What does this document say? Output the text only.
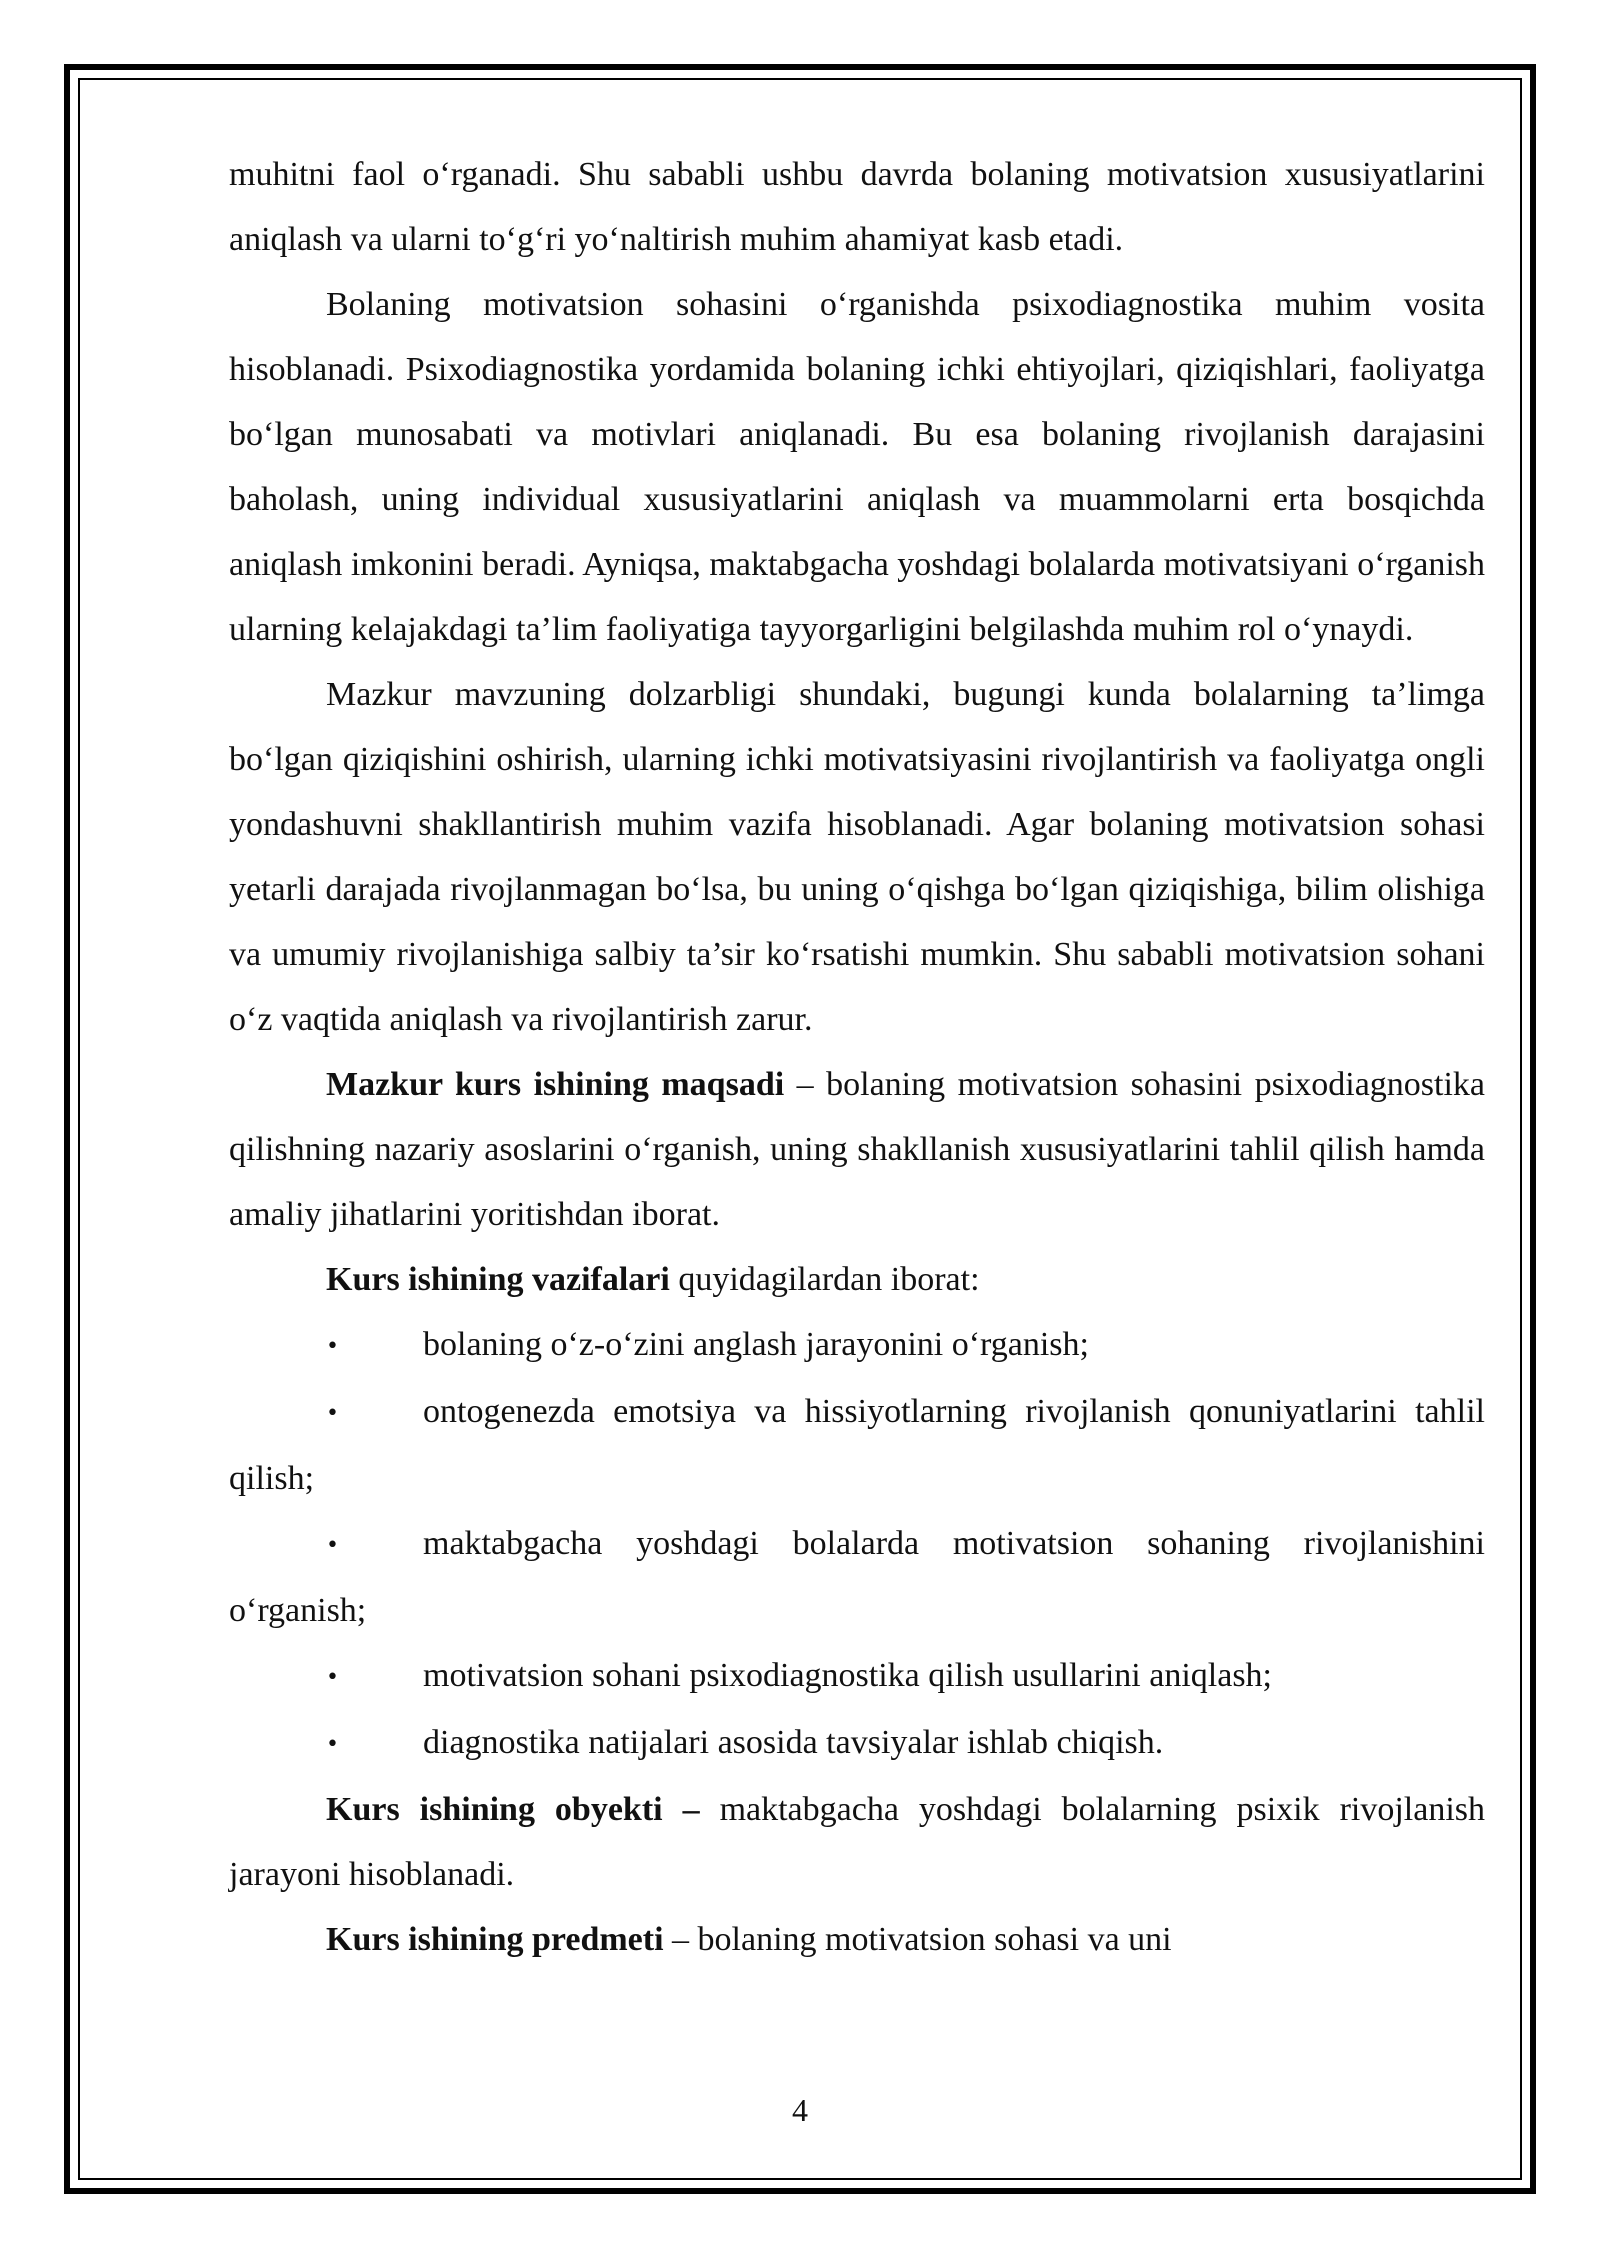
muhitni faol o‘rganadi. Shu sababli ushbu davrda bolaning motivatsion xususiyatlarini aniqlash va ularni to‘g‘ri yo‘naltirish muhim ahamiyat kasb etadi.

Bolaning motivatsion sohasini o‘rganishda psixodiagnostika muhim vosita hisoblanadi. Psixodiagnostika yordamida bolaning ichki ehtiyojlari, qiziqishlari, faoliyatga bo‘lgan munosabati va motivlari aniqlanadi. Bu esa bolaning rivojlanish darajasini baholash, uning individual xususiyatlarini aniqlash va muammolarni erta bosqichda aniqlash imkonini beradi. Ayniqsa, maktabgacha yoshdagi bolalarda motivatsiyani o‘rganish ularning kelajakdagi ta’lim faoliyatiga tayyorgarligini belgilashda muhim rol o‘ynaydi.

Mazkur mavzuning dolzarbligi shundaki, bugungi kunda bolalarning ta’limga bo‘lgan qiziqishini oshirish, ularning ichki motivatsiyasini rivojlantirish va faoliyatga ongli yondashuvni shakllantirish muhim vazifa hisoblanadi. Agar bolaning motivatsion sohasi yetarli darajada rivojlanmagan bo‘lsa, bu uning o‘qishga bo‘lgan qiziqishiga, bilim olishiga va umumiy rivojlanishiga salbiy ta’sir ko‘rsatishi mumkin. Shu sababli motivatsion sohani o‘z vaqtida aniqlash va rivojlantirish zarur.

Mazkur kurs ishining maqsadi – bolaning motivatsion sohasini psixodiagnostika qilishning nazariy asoslarini o‘rganish, uning shakllanish xususiyatlarini tahlil qilish hamda amaliy jihatlarini yoritishdan iborat.

Kurs ishining vazifalari quyidagilardan iborat:

• bolaning o‘z-o‘zini anglash jarayonini o‘rganish;

• ontogenezda emotsiya va hissiyotlarning rivojlanish qonuniyatlarini tahlil qilish;

• maktabgacha yoshdagi bolalarda motivatsion sohaning rivojlanishini o‘rganish;

• motivatsion sohani psixodiagnostika qilish usullarini aniqlash;

• diagnostika natijalari asosida tavsiyalar ishlab chiqish.

Kurs ishining obyekti – maktabgacha yoshdagi bolalarning psixik rivojlanish jarayoni hisoblanadi.

Kurs ishining predmeti – bolaning motivatsion sohasi va uni

4
